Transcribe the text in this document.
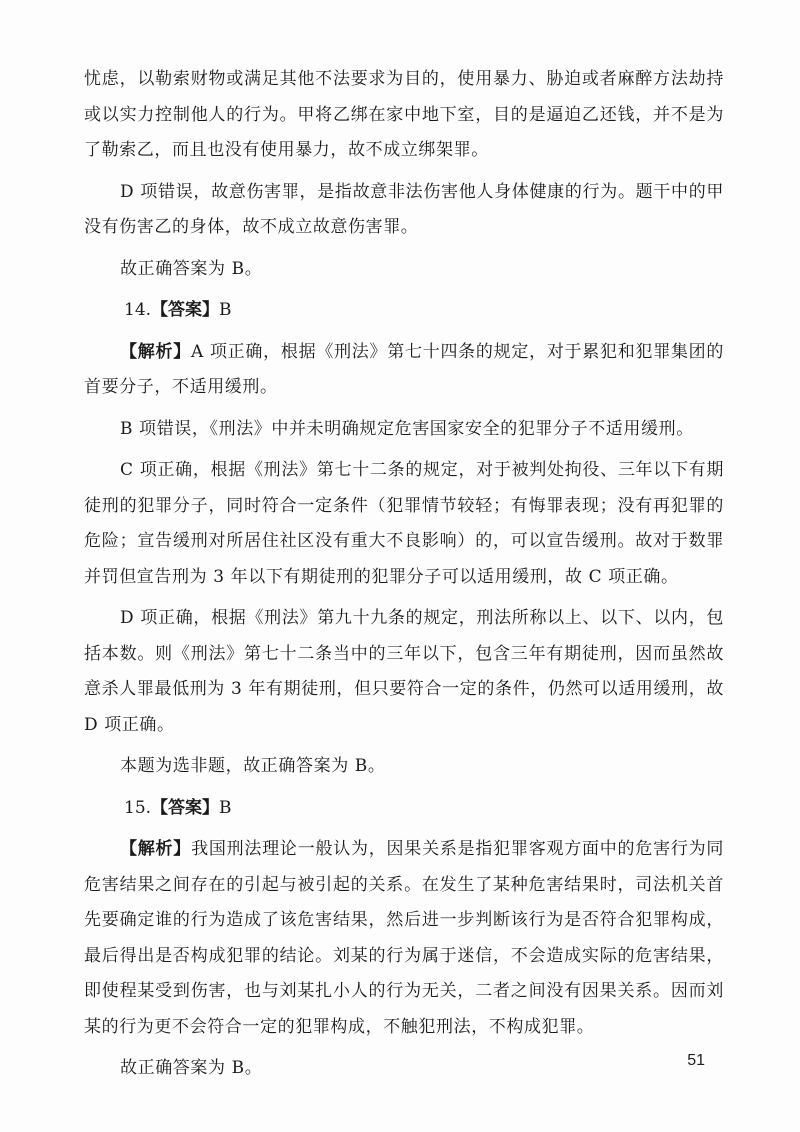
忧虑，以勒索财物或满足其他不法要求为目的，使用暴力、胁迫或者麻醉方法劫持或以实力控制他人的行为。甲将乙绑在家中地下室，目的是逼迫乙还钱，并不是为了勒索乙，而且也没有使用暴力，故不成立绑架罪。

D 项错误，故意伤害罪，是指故意非法伤害他人身体健康的行为。题干中的甲没有伤害乙的身体，故不成立故意伤害罪。

故正确答案为 B。

14.【答案】B

【解析】A 项正确，根据《刑法》第七十四条的规定，对于累犯和犯罪集团的首要分子，不适用缓刑。

B 项错误，《刑法》中并未明确规定危害国家安全的犯罪分子不适用缓刑。

C 项正确，根据《刑法》第七十二条的规定，对于被判处拘役、三年以下有期徒刑的犯罪分子，同时符合一定条件（犯罪情节较轻；有悔罪表现；没有再犯罪的危险；宣告缓刑对所居住社区没有重大不良影响）的，可以宣告缓刑。故对于数罪并罚但宣告刑为 3 年以下有期徒刑的犯罪分子可以适用缓刑，故 C 项正确。

D 项正确，根据《刑法》第九十九条的规定，刑法所称以上、以下、以内，包括本数。则《刑法》第七十二条当中的三年以下，包含三年有期徒刑，因而虽然故意杀人罪最低刑为 3 年有期徒刑，但只要符合一定的条件，仍然可以适用缓刑，故 D 项正确。

本题为选非题，故正确答案为 B。

15.【答案】B

【解析】我国刑法理论一般认为，因果关系是指犯罪客观方面中的危害行为同危害结果之间存在的引起与被引起的关系。在发生了某种危害结果时，司法机关首先要确定谁的行为造成了该危害结果，然后进一步判断该行为是否符合犯罪构成，最后得出是否构成犯罪的结论。刘某的行为属于迷信，不会造成实际的危害结果，即使程某受到伤害，也与刘某扎小人的行为无关，二者之间没有因果关系。因而刘某的行为更不会符合一定的犯罪构成，不触犯刑法，不构成犯罪。

故正确答案为 B。	51
